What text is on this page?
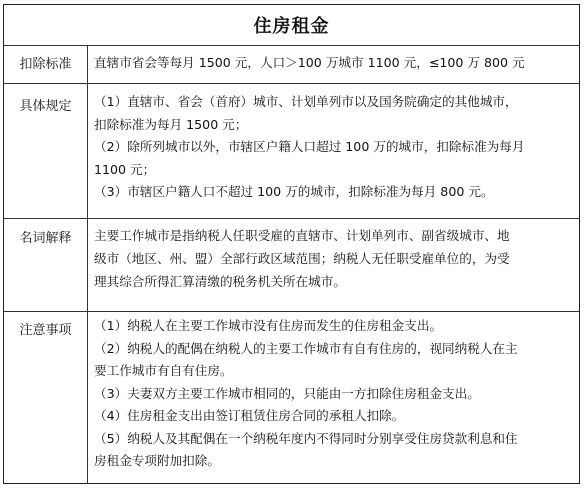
住房租金
扣除标准	直辖市省会等每月 1500 元，人口＞100 万城市 1100 元，≤100 万 800 元
具体规定	（1）直辖市、省会（首府）城市、计划单列市以及国务院确定的其他城市，
扣除标准为每月 1500 元；
（2）除所列城市以外，市辖区户籍人口超过 100 万的城市，扣除标准为每月
1100 元；
（3）市辖区户籍人口不超过 100 万的城市，扣除标准为每月 800 元。
名词解释	主要工作城市是指纳税人任职受雇的直辖市、计划单列市、副省级城市、地
级市（地区、州、盟）全部行政区域范围；纳税人无任职受雇单位的，为受
理其综合所得汇算清缴的税务机关所在城市。
注意事项	（1）纳税人在主要工作城市没有住房而发生的住房租金支出。
（2）纳税人的配偶在纳税人的主要工作城市有自有住房的，视同纳税人在主
要工作城市有自有住房。
（3）夫妻双方主要工作城市相同的，只能由一方扣除住房租金支出。
（4）住房租金支出由签订租赁住房合同的承租人扣除。
（5）纳税人及其配偶在一个纳税年度内不得同时分别享受住房贷款利息和住
房租金专项附加扣除。
